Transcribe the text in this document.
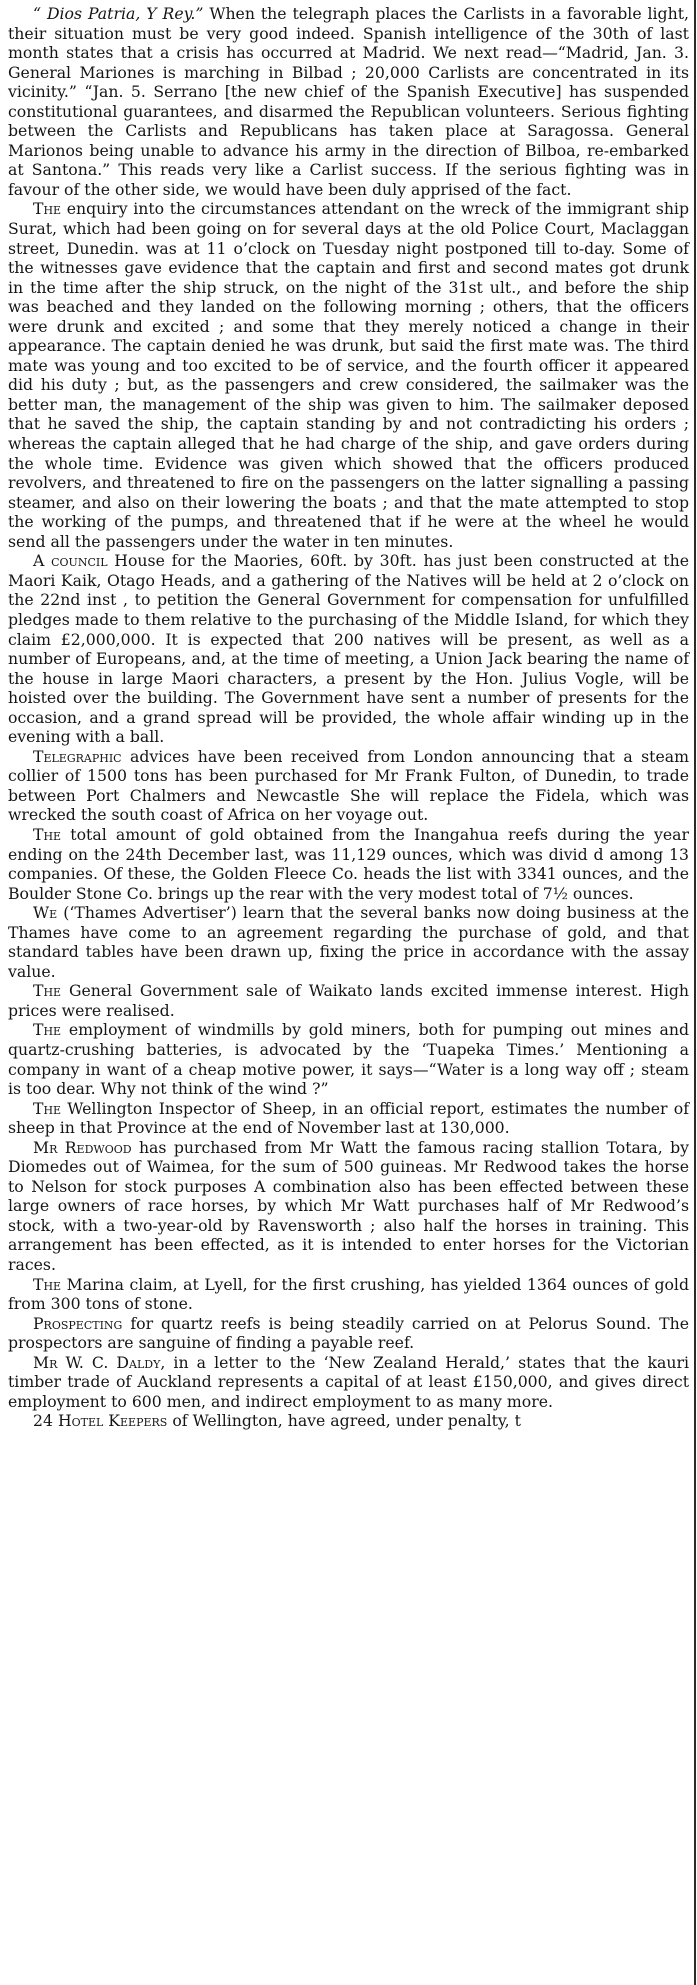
“ Dios Patria, Y Rey.” When the telegraph places the Carlists in a favorable light, their situation must be very good indeed. Spanish intelligence of the 30th of last month states that a crisis has occurred at Madrid. We next read—“Madrid, Jan. 3. General Mariones is marching in Bilbad ; 20,000 Carlists are concentrated in its vicinity.” “Jan. 5. Serrano [the new chief of the Spanish Executive] has suspended constitutional guarantees, and disarmed the Republican volunteers. Serious fighting between the Carlists and Republicans has taken place at Saragossa. General Marionos being unable to advance his army in the direction of Bilboa, re-embarked at Santona.” This reads very like a Carlist success. If the serious fighting was in favour of the other side, we would have been duly apprised of the fact.

The enquiry into the circumstances attendant on the wreck of the immigrant ship Surat, which had been going on for several days at the old Police Court, Maclaggan street, Dunedin. was at 11 o’clock on Tuesday night postponed till to-day. Some of the witnesses gave evidence that the captain and first and second mates got drunk in the time after the ship struck, on the night of the 31st ult., and before the ship was beached and they landed on the following morning ; others, that the officers were drunk and excited ; and some that they merely noticed a change in their appearance. The captain denied he was drunk, but said the first mate was. The third mate was young and too excited to be of service, and the fourth officer it appeared did his duty ; but, as the passengers and crew considered, the sailmaker was the better man, the management of the ship was given to him. The sailmaker deposed that he saved the ship, the captain standing by and not contradicting his orders ; whereas the captain alleged that he had charge of the ship, and gave orders during the whole time. Evidence was given which showed that the officers produced revolvers, and threatened to fire on the passengers on the latter signalling a passing steamer, and also on their lowering the boats ; and that the mate attempted to stop the working of the pumps, and threatened that if he were at the wheel he would send all the passengers under the water in ten minutes.

A council House for the Maories, 60ft. by 30ft. has just been constructed at the Maori Kaik, Otago Heads, and a gathering of the Natives will be held at 2 o’clock on the 22nd inst , to petition the General Government for compensation for unfulfilled pledges made to them relative to the purchasing of the Middle Island, for which they claim £2,000,000. It is expected that 200 natives will be present, as well as a number of Europeans, and, at the time of meeting, a Union Jack bearing the name of the house in large Maori characters, a present by the Hon. Julius Vogle, will be hoisted over the building. The Government have sent a number of presents for the occasion, and a grand spread will be provided, the whole affair winding up in the evening with a ball.

Telegraphic advices have been received from London announcing that a steam collier of 1500 tons has been purchased for Mr Frank Fulton, of Dunedin, to trade between Port Chalmers and Newcastle She will replace the Fidela, which was wrecked the south coast of Africa on her voyage out.

The total amount of gold obtained from the Inangahua reefs during the year ending on the 24th December last, was 11,129 ounces, which was divid d among 13 companies. Of these, the Golden Fleece Co. heads the list with 3341 ounces, and the Boulder Stone Co. brings up the rear with the very modest total of 7½ ounces.

We (‘Thames Advertiser’) learn that the several banks now doing business at the Thames have come to an agreement regarding the purchase of gold, and that standard tables have been drawn up, fixing the price in accordance with the assay value.

The General Government sale of Waikato lands excited immense interest. High prices were realised.

The employment of windmills by gold miners, both for pumping out mines and quartz-crushing batteries, is advocated by the ‘Tuapeka Times.’ Mentioning a company in want of a cheap motive power, it says—“Water is a long way off ; steam is too dear. Why not think of the wind ?”

The Wellington Inspector of Sheep, in an official report, estimates the number of sheep in that Province at the end of November last at 130,000.

Mr Redwood has purchased from Mr Watt the famous racing stallion Totara, by Diomedes out of Waimea, for the sum of 500 guineas. Mr Redwood takes the horse to Nelson for stock purposes A combination also has been effected between these large owners of race horses, by which Mr Watt purchases half of Mr Redwood’s stock, with a two-year-old by Ravensworth ; also half the horses in training. This arrangement has been effected, as it is intended to enter horses for the Victorian races.

The Marina claim, at Lyell, for the first crushing, has yielded 1364 ounces of gold from 300 tons of stone.

Prospecting for quartz reefs is being steadily carried on at Pelorus Sound. The prospectors are sanguine of finding a payable reef.

Mr W. C. Daldy, in a letter to the ‘New Zealand Herald,’ states that the kauri timber trade of Auckland represents a capital of at least £150,000, and gives direct employment to 600 men, and indirect employment to as many more.

24 Hotel Keepers of Wellington, have agreed, under penalty, t
